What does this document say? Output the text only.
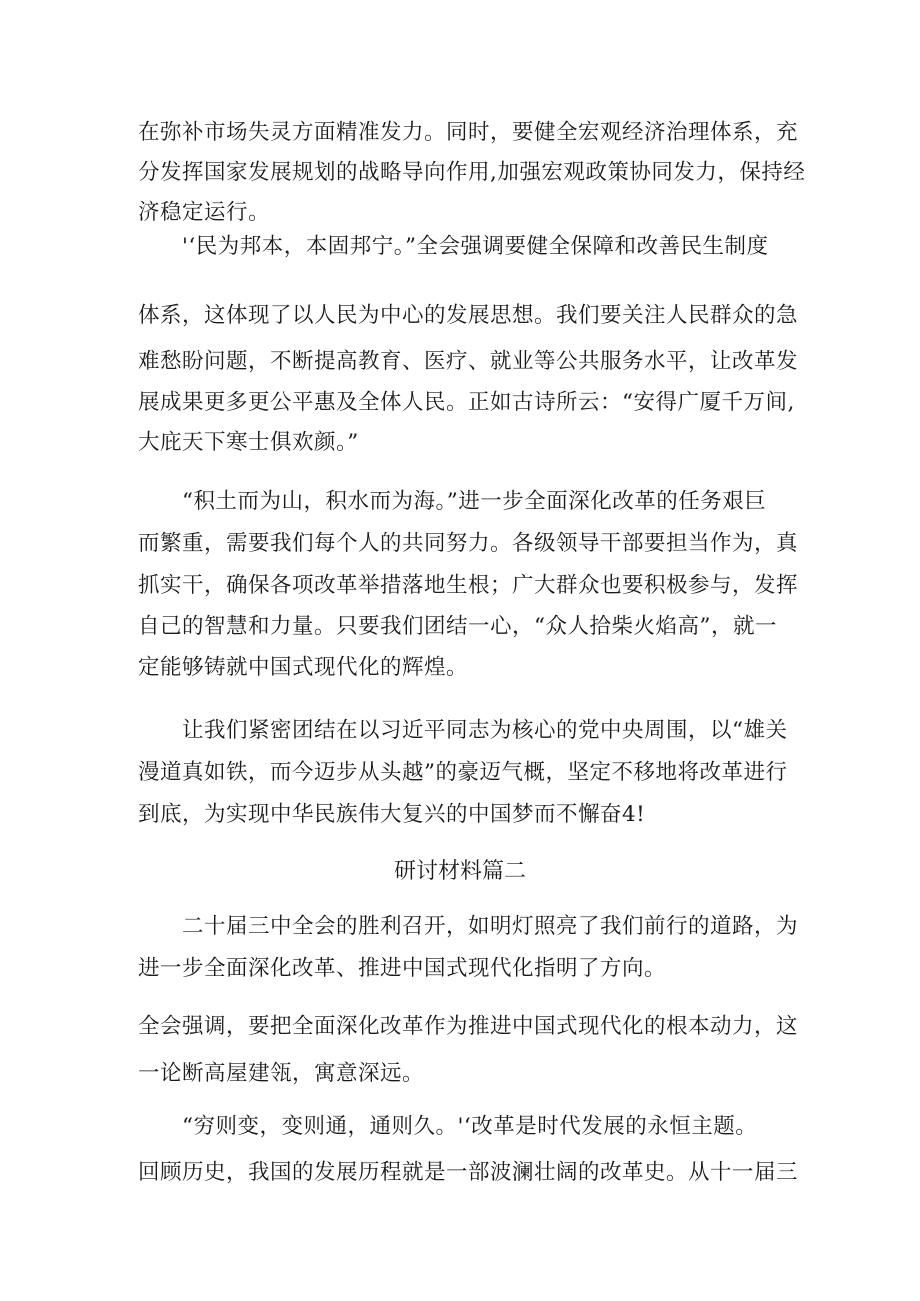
在弥补市场失灵方面精准发力。同时，要健全宏观经济治理体系，充
分发挥国家发展规划的战略导向作用,加强宏观政策协同发力，保持经
济稳定运行。
'‘民为邦本，本固邦宁。”全会强调要健全保障和改善民生制度
体系，这体现了以人民为中心的发展思想。我们要关注人民群众的急
难愁盼问题，不断提高教育、医疗、就业等公共服务水平，让改革发
展成果更多更公平惠及全体人民。正如古诗所云：“安得广厦千万间,
大庇天下寒士俱欢颜。”
“积土而为山，积水而为海。”进一步全面深化改革的任务艰巨
而繁重，需要我们每个人的共同努力。各级领导干部要担当作为，真
抓实干，确保各项改革举措落地生根；广大群众也要积极参与，发挥
自己的智慧和力量。只要我们团结一心，“众人拾柴火焰高”，就一
定能够铸就中国式现代化的辉煌。
让我们紧密团结在以习近平同志为核心的党中央周围，以“雄关
漫道真如铁，而今迈步从头越”的豪迈气概，坚定不移地将改革进行
到底，为实现中华民族伟大复兴的中国梦而不懈奋4!
研讨材料篇二
二十届三中全会的胜利召开，如明灯照亮了我们前行的道路，为
进一步全面深化改革、推进中国式现代化指明了方向。
全会强调，要把全面深化改革作为推进中国式现代化的根本动力，这
一论断高屋建瓴，寓意深远。
“穷则变，变则通，通则久。'‘改革是时代发展的永恒主题。
回顾历史，我国的发展历程就是一部波澜壮阔的改革史。从十一届三
